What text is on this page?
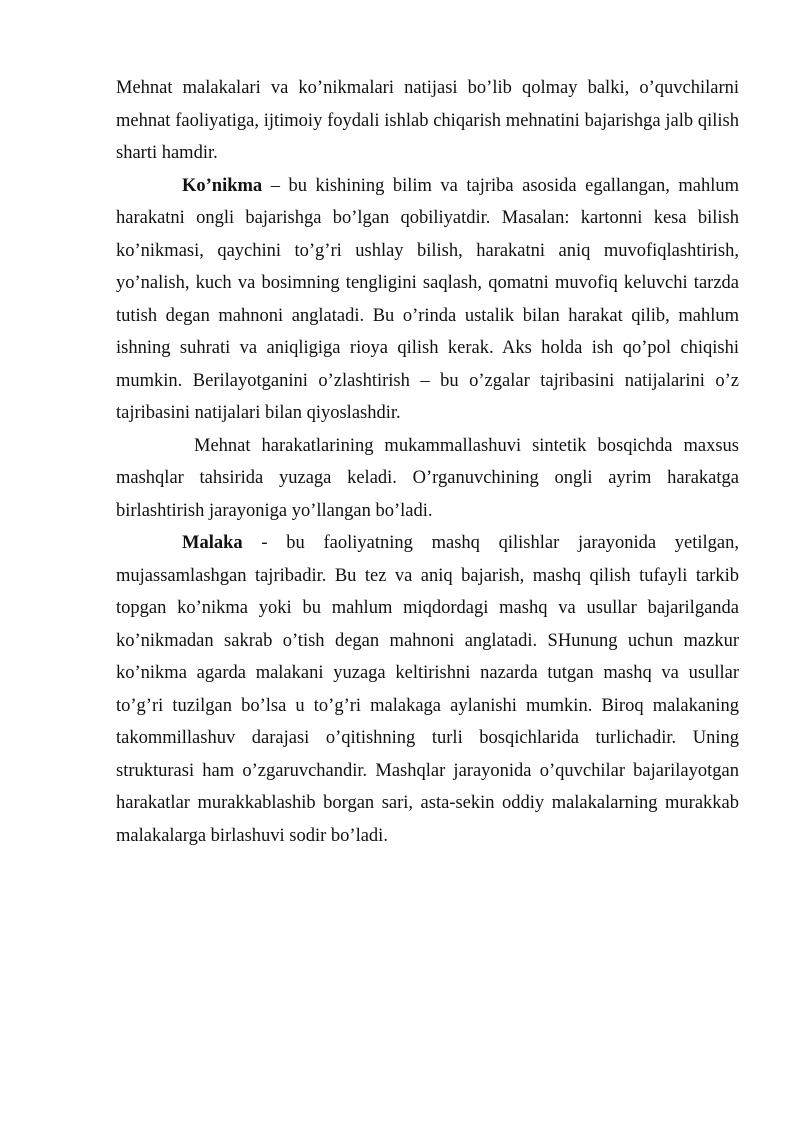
Mehnat malakalari va ko’nikmalari natijasi bo’lib qolmay balki, o’quvchilarni mehnat faoliyatiga, ijtimoiy foydali ishlab chiqarish mehnatini bajarishga jalb qilish sharti hamdir.

Ko’nikma – bu kishining bilim va tajriba asosida egallangan, mahlum harakatni ongli bajarishga bo’lgan qobiliyatdir. Masalan: kartonni kesa bilish ko’nikmasi, qaychini to’g’ri ushlay bilish, harakatni aniq muvofiqlashtirish, yo’nalish, kuch va bosimning tengligini saqlash, qomatni muvofiq keluvchi tarzda tutish degan mahnoni anglatadi. Bu o’rinda ustalik bilan harakat qilib, mahlum ishning suhrati va aniqligiga rioya qilish kerak. Aks holda ish qo’pol chiqishi mumkin. Berilayotganini o’zlashtirish – bu o’zgalar tajribasini natijalarini o’z tajribasini natijalari bilan qiyoslashdir.

Mehnat harakatlarining mukammallashuvi sintetik bosqichda maxsus mashqlar tahsirida yuzaga keladi. O’rganuvchining ongli ayrim harakatga birlashtirish jarayoniga yo’llangan bo’ladi.

Malaka - bu faoliyatning mashq qilishlar jarayonida yetilgan, mujassamlashgan tajribadir. Bu tez va aniq bajarish, mashq qilish tufayli tarkib topgan ko’nikma yoki bu mahlum miqdordagi mashq va usullar bajarilganda ko’nikmadan sakrab o’tish degan mahnoni anglatadi. SHunung uchun mazkur ko’nikma agarda malakani yuzaga keltirishni nazarda tutgan mashq va usullar to’g’ri tuzilgan bo’lsa u to’g’ri malakaga aylanishi mumkin. Biroq malakaning takommillashuv darajasi o’qitishning turli bosqichlarida turlichadir. Uning strukturasi ham o’zgaruvchandir. Mashqlar jarayonida o’quvchilar bajarilayotgan harakatlar murakkablashib borgan sari, asta-sekin oddiy malakalarning murakkab malakalarga birlashuvi sodir bo’ladi.
